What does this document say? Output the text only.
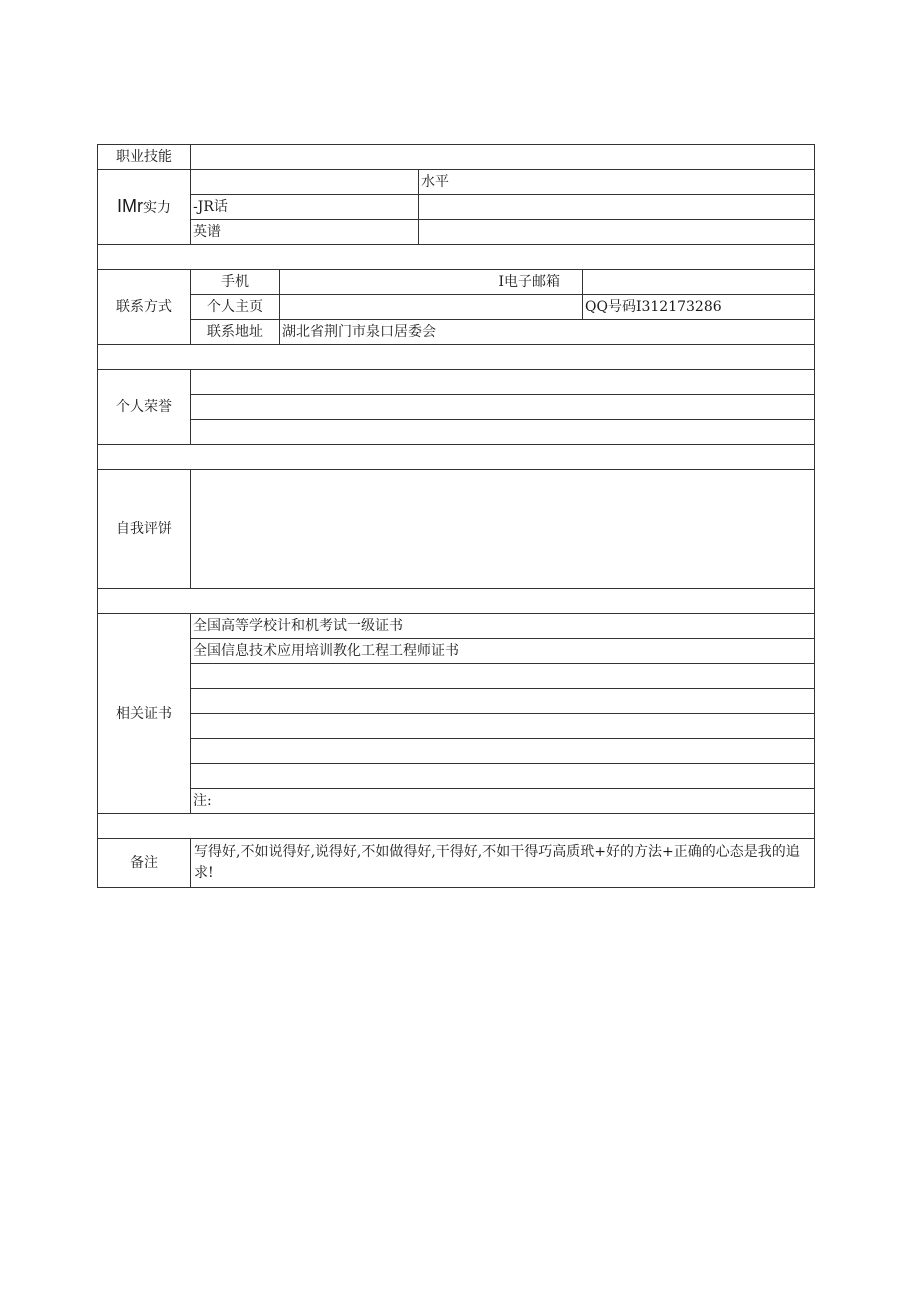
职业技能				
IMr实力			水平	
	-JR话			
	英谱			

联系方式	手机	I电子邮箱		
	个人主页			QQ号码I312173286
	联系地址	湖北省荆门市泉口居委会		

个人荣誉				

自我评饼				

相关证书	全国高等学校计和机考试一级证书			
	全国信息技术应用培训教化工程工程师证书			

	注:			

备注	写得好,不如说得好,说得好,不如做得好,干得好,不如干得巧高质玳+好的方法+正确的心态是我的追求!			
